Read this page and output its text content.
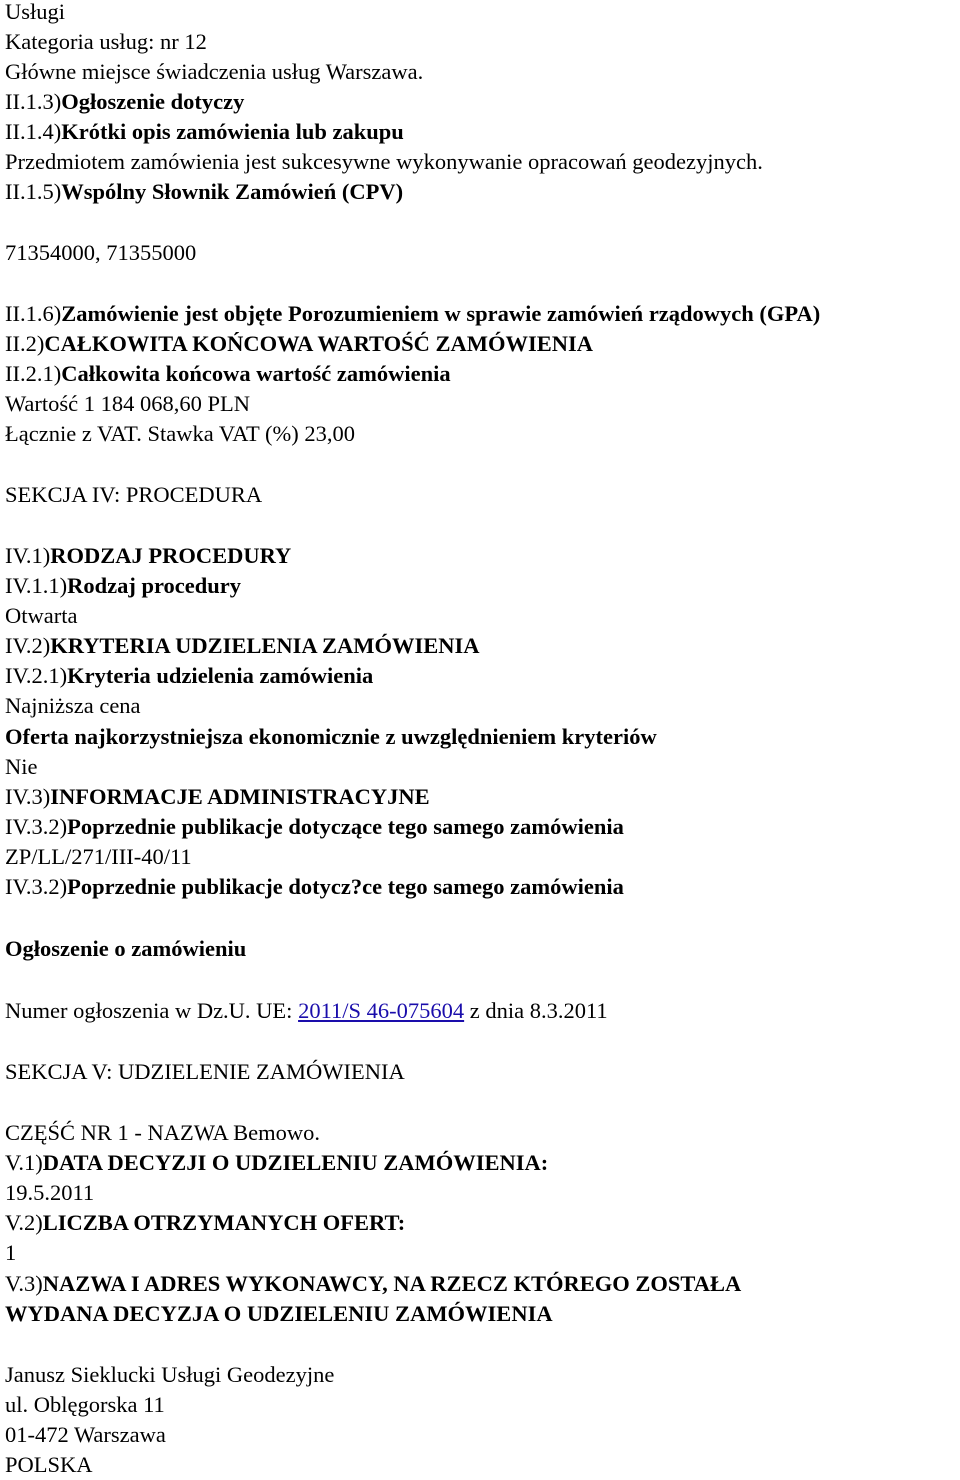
Usługi
Kategoria usług: nr 12
Główne miejsce świadczenia usług Warszawa.
II.1.3)Ogłoszenie dotyczy
II.1.4)Krótki opis zamówienia lub zakupu
Przedmiotem zamówienia jest sukcesywne wykonywanie opracowań geodezyjnych.
II.1.5)Wspólny Słownik Zamówień (CPV)
71354000, 71355000
II.1.6)Zamówienie jest objęte Porozumieniem w sprawie zamówień rządowych (GPA)
II.2)CAŁKOWITA KOŃCOWA WARTOŚĆ ZAMÓWIENIA
II.2.1)Całkowita końcowa wartość zamówienia
Wartość 1 184 068,60 PLN
Łącznie z VAT. Stawka VAT (%) 23,00
SEKCJA IV: PROCEDURA
IV.1)RODZAJ PROCEDURY
IV.1.1)Rodzaj procedury
Otwarta
IV.2)KRYTERIA UDZIELENIA ZAMÓWIENIA
IV.2.1)Kryteria udzielenia zamówienia
Najniższa cena
Oferta najkorzystniejsza ekonomicznie z uwzględnieniem kryteriów
Nie
IV.3)INFORMACJE ADMINISTRACYJNE
IV.3.2)Poprzednie publikacje dotyczące tego samego zamówienia
ZP/LL/271/III-40/11
IV.3.2)Poprzednie publikacje dotycz?ce tego samego zamówienia
Ogłoszenie o zamówieniu
Numer ogłoszenia w Dz.U. UE: 2011/S 46-075604 z dnia 8.3.2011
SEKCJA V: UDZIELENIE ZAMÓWIENIA
CZĘŚĆ NR 1 - NAZWA Bemowo.
V.1)DATA DECYZJI O UDZIELENIU ZAMÓWIENIA:
19.5.2011
V.2)LICZBA OTRZYMANYCH OFERT:
1
V.3)NAZWA I ADRES WYKONAWCY, NA RZECZ KTÓREGO ZOSTAŁA
WYDANA DECYZJA O UDZIELENIU ZAMÓWIENIA
Janusz Sieklucki Usługi Geodezyjne
ul. Oblęgorska 11
01-472 Warszawa
POLSKA
